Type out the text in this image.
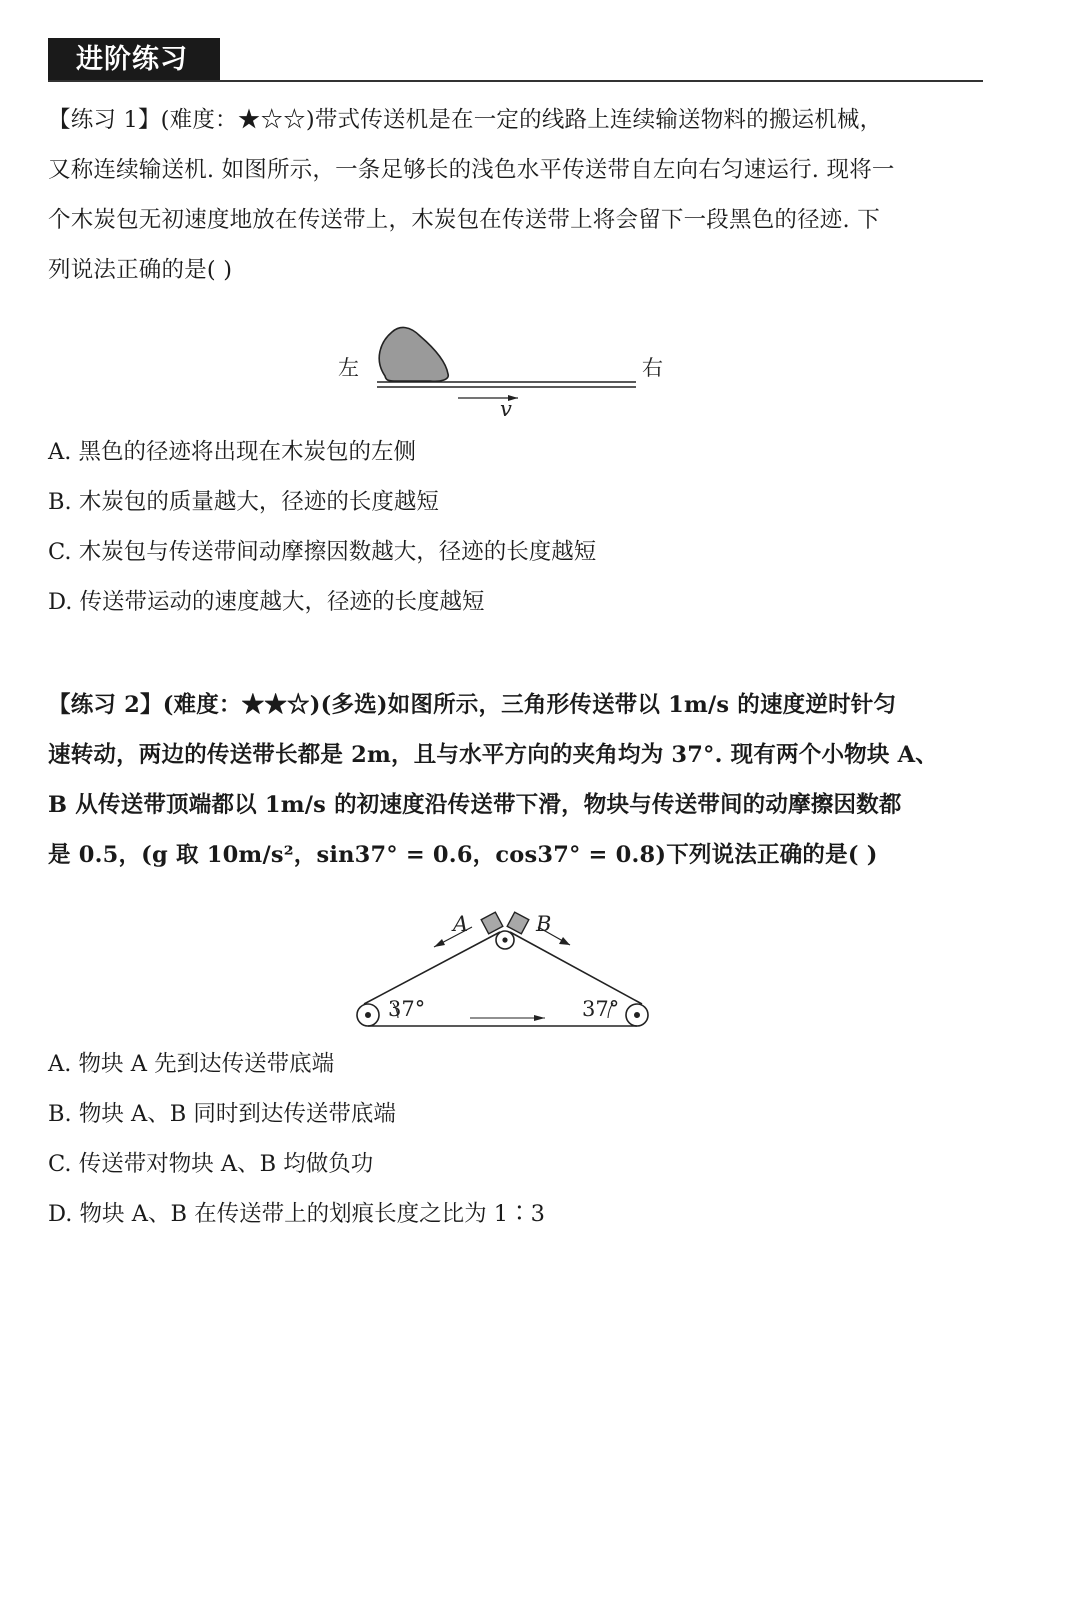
进阶练习
【练习 1】(难度：★☆☆)带式传送机是在一定的线路上连续输送物料的搬运机械，
又称连续输送机. 如图所示，一条足够长的浅色水平传送带自左向右匀速运行. 现将一
个木炭包无初速度地放在传送带上，木炭包在传送带上将会留下一段黑色的径迹. 下
列说法正确的是( )
左	右
v
A. 黑色的径迹将出现在木炭包的左侧
B. 木炭包的质量越大，径迹的长度越短
C. 木炭包与传送带间动摩擦因数越大，径迹的长度越短
D. 传送带运动的速度越大，径迹的长度越短
【练习 2】(难度：★★☆)(多选)如图所示，三角形传送带以 1m/s 的速度逆时针匀
速转动，两边的传送带长都是 2m，且与水平方向的夹角均为 37°. 现有两个小物块 A、
B 从传送带顶端都以 1m/s 的初速度沿传送带下滑，物块与传送带间的动摩擦因数都
是 0.5，(g 取 10m/s²，sin37° = 0.6，cos37° = 0.8)下列说法正确的是( )
A	B
37°	37°
A. 物块 A 先到达传送带底端
B. 物块 A、B 同时到达传送带底端
C. 传送带对物块 A、B 均做负功
D. 物块 A、B 在传送带上的划痕长度之比为 1∶3
